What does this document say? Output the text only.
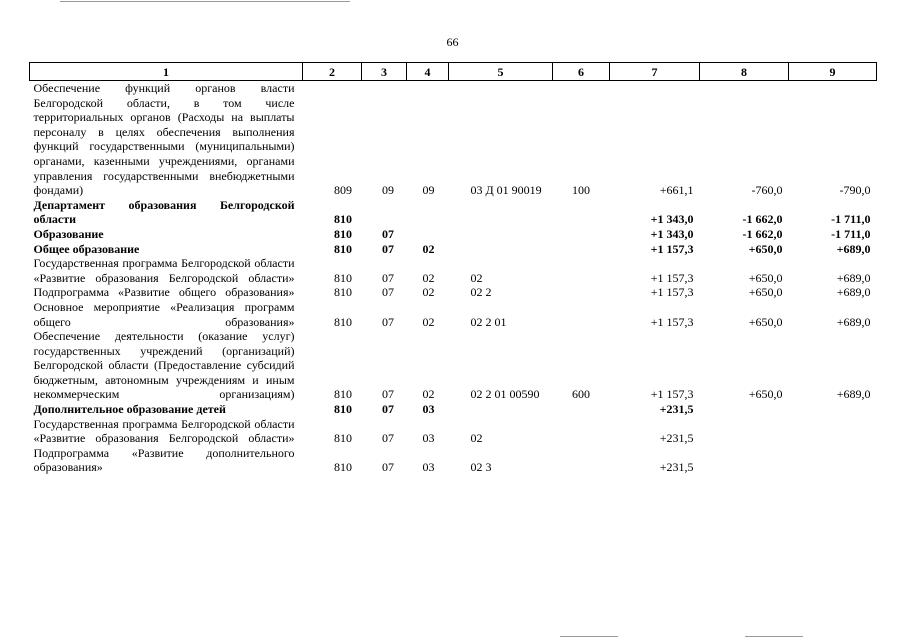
66
1	2	3	4	5	6	7	8	9
Обеспечение функций органов власти Белгородской области, в том числе территориальных органов (Расходы на выплаты персоналу в целях обеспечения выполнения функций государственными (муниципальными) органами, казенными учреждениями, органами управления государственными внебюджетными фондами)	809	09	09	03 Д 01 90019	100	+661,1	-760,0	-790,0
Департамент образования Белгородской области	810					+1 343,0	-1 662,0	-1 711,0
Образование	810	07				+1 343,0	-1 662,0	-1 711,0
Общее образование	810	07	02			+1 157,3	+650,0	+689,0
Государственная программа Белгородской области «Развитие образования Белгородской области»	810	07	02	02		+1 157,3	+650,0	+689,0
Подпрограмма «Развитие общего образования»	810	07	02	02 2		+1 157,3	+650,0	+689,0
Основное мероприятие «Реализация программ общего образования»	810	07	02	02 2 01		+1 157,3	+650,0	+689,0
Обеспечение деятельности (оказание услуг) государственных учреждений (организаций) Белгородской области (Предоставление субсидий бюджетным, автономным учреждениям и иным некоммерческим организациям)	810	07	02	02 2 01 00590	600	+1 157,3	+650,0	+689,0
Дополнительное образование детей	810	07	03			+231,5		
Государственная программа Белгородской области «Развитие образования Белгородской области»	810	07	03	02		+231,5		
Подпрограмма «Развитие дополнительного образования»	810	07	03	02 3		+231,5		
